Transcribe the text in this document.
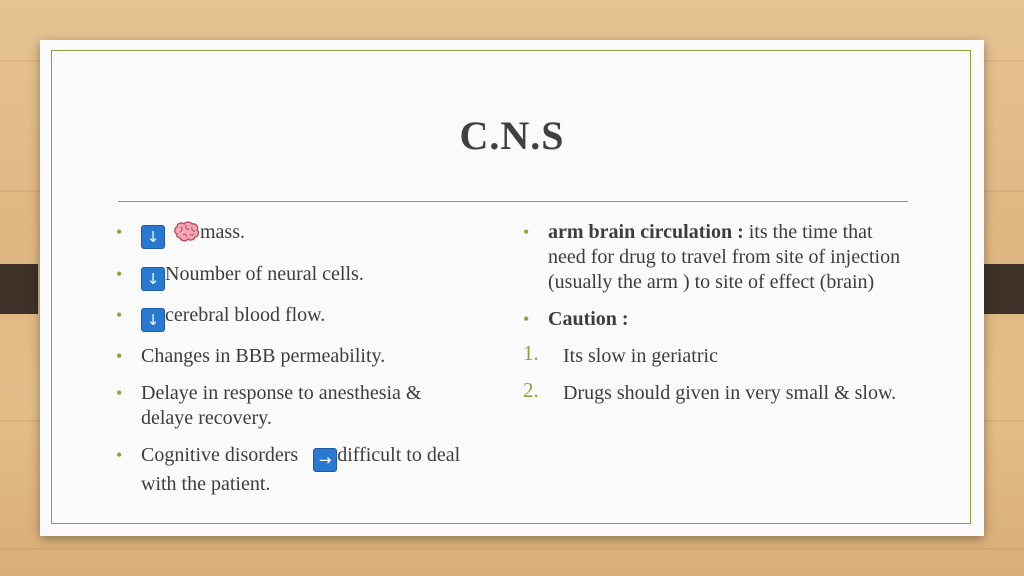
C.N.S
• ↓ mass.
• ↓ Noumber of neural cells.
• ↓ cerebral blood flow.
• Changes in BBB permeability.
• Delaye in response to anesthesia & delaye recovery.
• Cognitive disorders → difficult to deal with the patient.
• arm brain circulation : its the time that need for drug to travel from site of injection (usually the arm ) to site of effect (brain)
• Caution :
1. Its slow in geriatric
2. Drugs should given in very small & slow.
